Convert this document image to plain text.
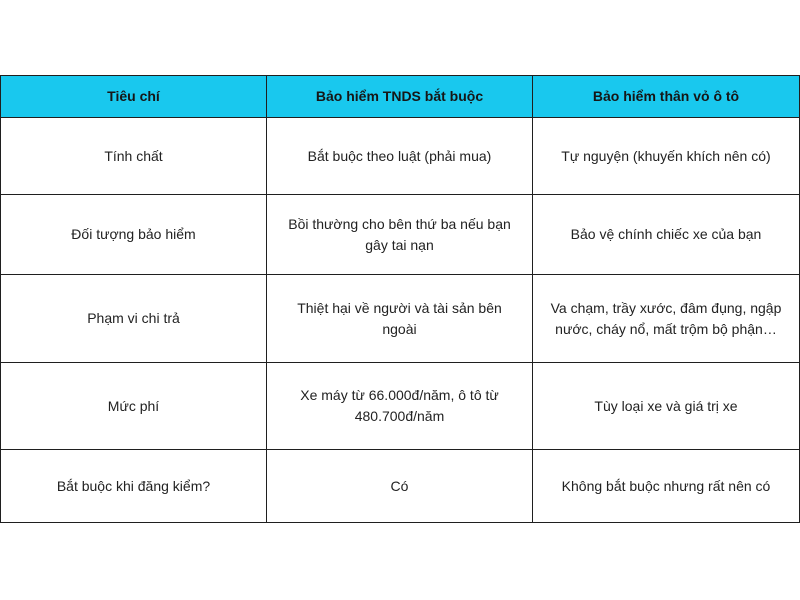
Tiêu chí	Bảo hiểm TNDS bắt buộc	Bảo hiểm thân vỏ ô tô
Tính chất	Bắt buộc theo luật (phải mua)	Tự nguyện (khuyến khích nên có)
Đối tượng bảo hiểm	Bồi thường cho bên thứ ba nếu bạn gây tai nạn	Bảo vệ chính chiếc xe của bạn
Phạm vi chi trả	Thiệt hại về người và tài sản bên ngoài	Va chạm, trầy xước, đâm đụng, ngập nước, cháy nổ, mất trộm bộ phận…
Mức phí	Xe máy từ 66.000đ/năm, ô tô từ 480.700đ/năm	Tùy loại xe và giá trị xe
Bắt buộc khi đăng kiểm?	Có	Không bắt buộc nhưng rất nên có
